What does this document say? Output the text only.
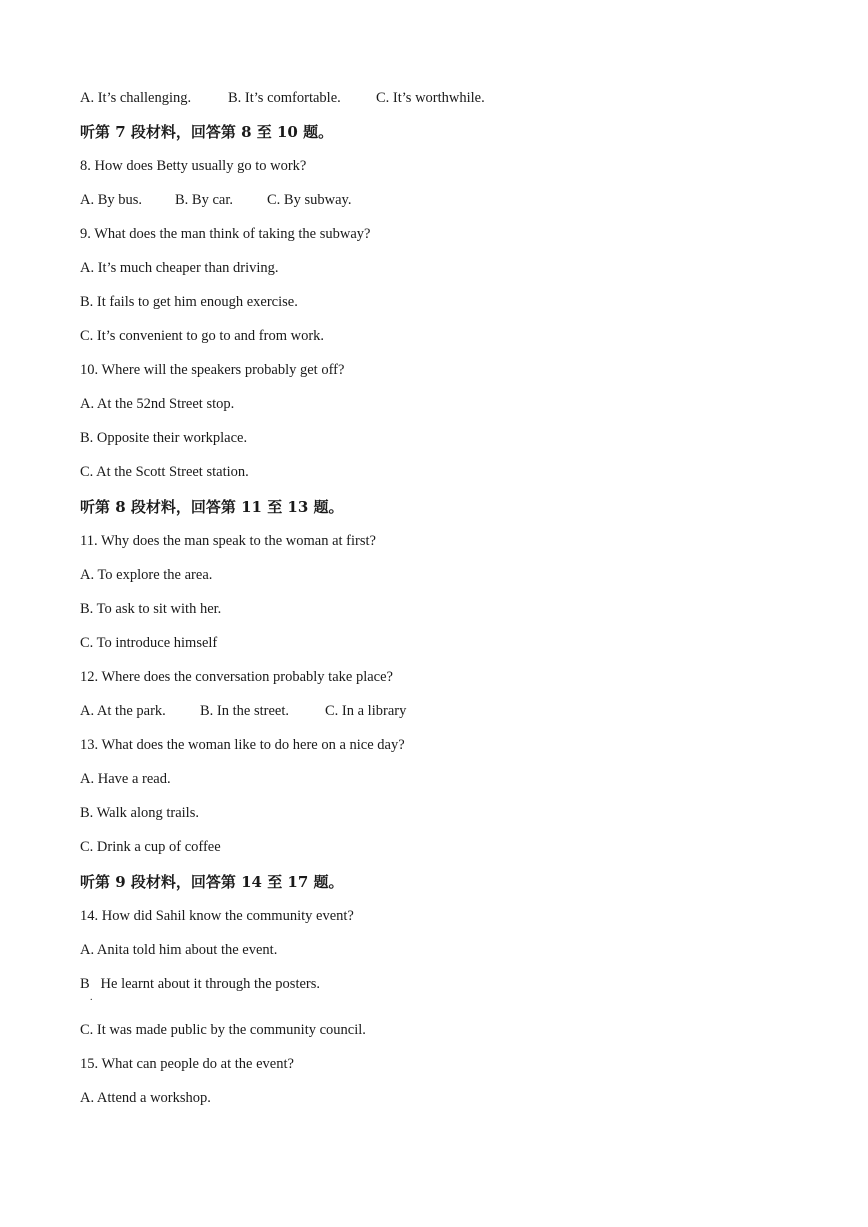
A. It’s challenging.	B. It’s comfortable. C. It’s worthwhile.
听第 7 段材料，回答第 8 至 10 题。
8. How does Betty usually go to work?
A. By bus. B. By car. C. By subway.
9. What does the man think of taking the subway?
A. It’s much cheaper than driving.
B. It fails to get him enough exercise.
C. It’s convenient to go to and from work.
10. Where will the speakers probably get off?
A. At the 52nd Street stop.
B. Opposite their workplace.
C. At the Scott Street station.
听第 8 段材料，回答第 11 至 13 题。
11. Why does the man speak to the woman at first?
A. To explore the area.
B. To ask to sit with her.
C. To introduce himself
12. Where does the conversation probably take place?
A. At the park. B. In the street. C. In a library
13. What does the woman like to do here on a nice day?
A. Have a read.
B. Walk along trails.
C. Drink a cup of coffee
听第 9 段材料，回答第 14 至 17 题。
14. How did Sahil know the community event?
A. Anita told him about the event.
B   He learnt about it through the posters.
C. It was made public by the community council.
15. What can people do at the event?
A. Attend a workshop.
.
